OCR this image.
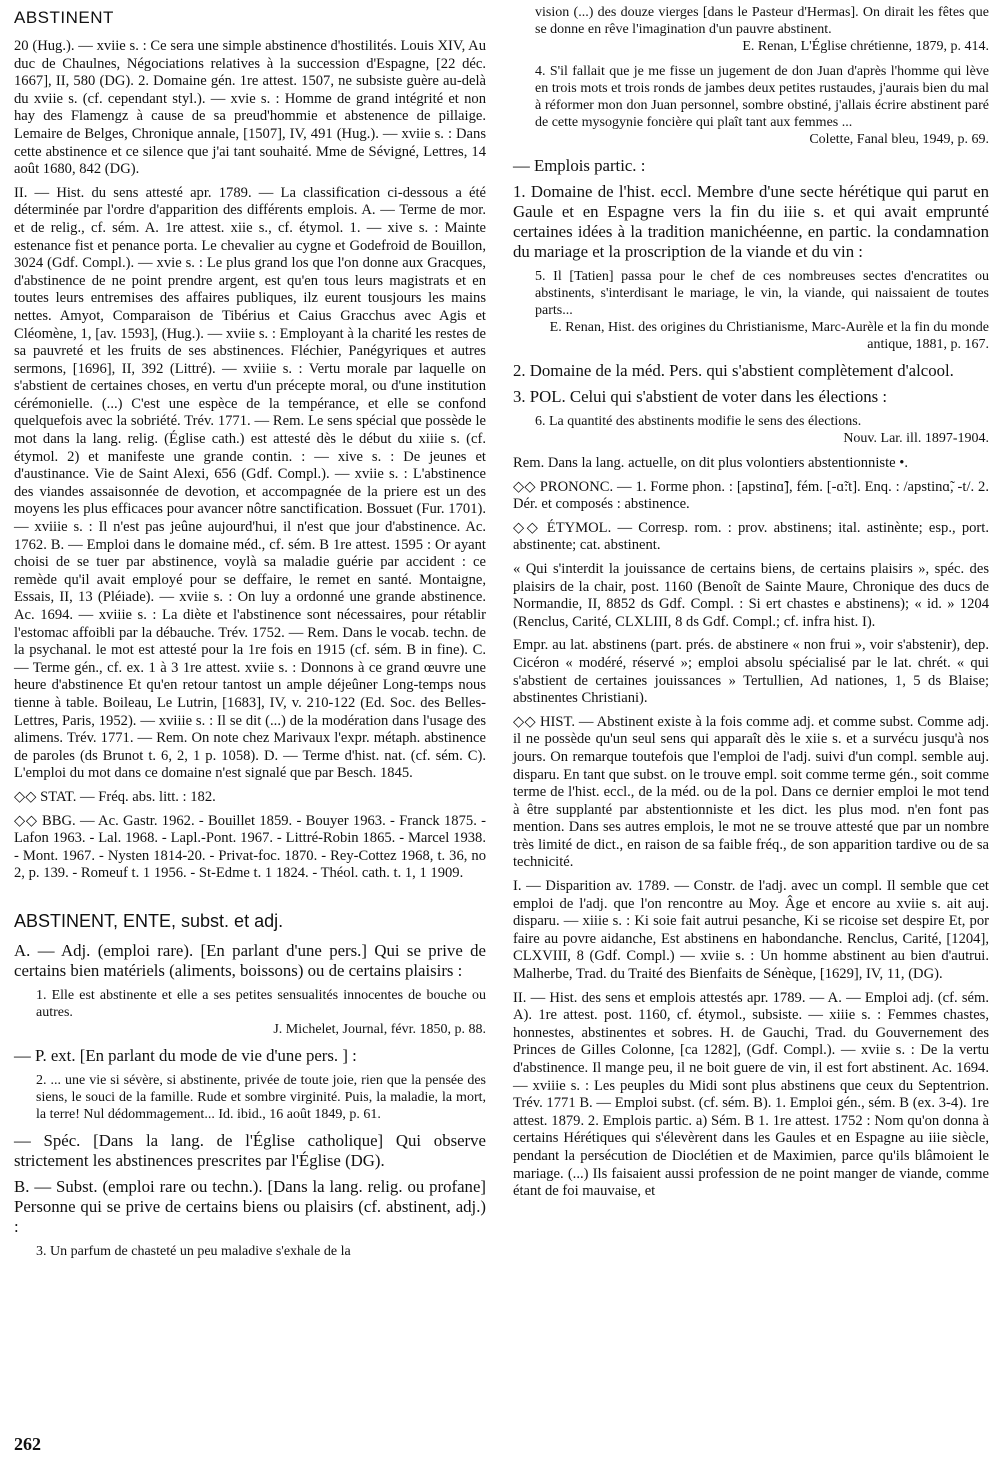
ABSTINENT

20 (Hug.). — xviie s. : Ce sera une simple abstinence d'hostilités. Louis XIV, Au duc de Chaulnes, Négociations relatives à la succession d'Espagne, [22 déc. 1667], II, 580 (DG). 2. Domaine gén. 1re attest. 1507, ne subsiste guère au-delà du xviie s. (cf. cependant styl.). — xvie s. : Homme de grand intégrité et non hay des Flamengz à cause de sa preud'hommie et abstenence de pillaige. Lemaire de Belges, Chronique annale, [1507], IV, 491 (Hug.). — xviie s. : Dans cette abstinence et ce silence que j'ai tant souhaité. Mme de Sévigné, Lettres, 14 août 1680, 842 (DG).

II. — Hist. du sens attesté apr. 1789. — La classification ci-dessous a été déterminée par l'ordre d'apparition des différents emplois. A. — Terme de mor. et de relig., cf. sém. A. 1re attest. xiie s., cf. étymol. 1. — xive s. : Mainte estenance fist et penance porta. Le chevalier au cygne et Godefroid de Bouillon, 3024 (Gdf. Compl.). — xvie s. : Le plus grand los que l'on donne aux Gracques, d'abstinence de ne point prendre argent, est qu'en tous leurs magistrats et en toutes leurs entremises des affaires publiques, ilz eurent tousjours les mains nettes. Amyot, Comparaison de Tibérius et Caius Gracchus avec Agis et Cléomène, 1, [av. 1593], (Hug.). — xviie s. : Employant à la charité les restes de sa pauvreté et les fruits de ses abstinences. Fléchier, Panégyriques et autres sermons, [1696], II, 392 (Littré). — xviiie s. : Vertu morale par laquelle on s'abstient de certaines choses, en vertu d'un précepte moral, ou d'une institution cérémonielle. (...) C'est une espèce de la tempérance, et elle se confond quelquefois avec la sobriété. Trév. 1771. — Rem. Le sens spécial que possède le mot dans la lang. relig. (Église cath.) est attesté dès le début du xiiie s. (cf. étymol. 2) et manifeste une grande contin. : — xive s. : De jeunes et d'austinance. Vie de Saint Alexi, 656 (Gdf. Compl.). — xviie s. : L'abstinence des viandes assaisonnée de devotion, et accompagnée de la priere est un des moyens les plus efficaces pour avancer nôtre sanctification. Bossuet (Fur. 1701). — xviiie s. : Il n'est pas jeûne aujourd'hui, il n'est que jour d'abstinence. Ac. 1762. B. — Emploi dans le domaine méd., cf. sém. B 1re attest. 1595 : Or ayant choisi de se tuer par abstinence, voylà sa maladie guérie par accident : ce remède qu'il avait employé pour se deffaire, le remet en santé. Montaigne, Essais, II, 13 (Pléiade). — xviie s. : On luy a ordonné une grande abstinence. Ac. 1694. — xviiie s. : La diète et l'abstinence sont nécessaires, pour rétablir l'estomac affoibli par la débauche. Trév. 1752. — Rem. Dans le vocab. techn. de la psychanal. le mot est attesté pour la 1re fois en 1915 (cf. sém. B in fine). C. — Terme gén., cf. ex. 1 à 3 1re attest. xviie s. : Donnons à ce grand œuvre une heure d'abstinence Et qu'en retour tantost un ample déjeûner Long-temps nous tienne à table. Boileau, Le Lutrin, [1683], IV, v. 210-122 (Ed. Soc. des Belles-Lettres, Paris, 1952). — xviiie s. : Il se dit (...) de la modération dans l'usage des alimens. Trév. 1771. — Rem. On note chez Marivaux l'expr. métaph. abstinence de paroles (ds Brunot t. 6, 2, 1 p. 1058). D. — Terme d'hist. nat. (cf. sém. C). L'emploi du mot dans ce domaine n'est signalé que par Besch. 1845.

◇◇ STAT. — Fréq. abs. litt. : 182.

◇◇ BBG. — Ac. Gastr. 1962. - Bouillet 1859. - Bouyer 1963. - Franck 1875. - Lafon 1963. - Lal. 1968. - Lapl.-Pont. 1967. - Littré-Robin 1865. - Marcel 1938. - Mont. 1967. - Nysten 1814-20. - Privat-foc. 1870. - Rey-Cottez 1968, t. 36, no 2, p. 139. - Romeuf t. 1 1956. - St-Edme t. 1 1824. - Théol. cath. t. 1, 1 1909.

ABSTINENT, ENTE, subst. et adj.

A. — Adj. (emploi rare). [En parlant d'une pers.] Qui se prive de certains bien matériels (aliments, boissons) ou de certains plaisirs :

1. Elle est abstinente et elle a ses petites sensualités innocentes de bouche ou autres.
J. Michelet, Journal, févr. 1850, p. 88.

— P. ext. [En parlant du mode de vie d'une pers. ] :

2. ... une vie si sévère, si abstinente, privée de toute joie, rien que la pensée des siens, le souci de la famille. Rude et sombre virginité. Puis, la maladie, la mort, la terre! Nul dédommagement... Id. ibid., 16 août 1849, p. 61.

— Spéc. [Dans la lang. de l'Église catholique] Qui observe strictement les abstinences prescrites par l'Église (DG).

B. — Subst. (emploi rare ou techn.). [Dans la lang. relig. ou profane] Personne qui se prive de certains biens ou plaisirs (cf. abstinent, adj.) :

3. Un parfum de chasteté un peu maladive s'exhale de la
vision (...) des douze vierges [dans le Pasteur d'Hermas]. On dirait les fêtes que se donne en rêve l'imagination d'un pauvre abstinent.
E. Renan, L'Église chrétienne, 1879, p. 414.
4. S'il fallait que je me fisse un jugement de don Juan d'après l'homme qui lève en trois mots et trois ronds de jambes deux petites rustaudes, j'aurais bien du mal à réformer mon don Juan personnel, sombre obstiné, j'allais écrire abstinent paré de cette mysogynie foncière qui plaît tant aux femmes ...
Colette, Fanal bleu, 1949, p. 69.

— Emplois partic. :

1. Domaine de l'hist. eccl. Membre d'une secte hérétique qui parut en Gaule et en Espagne vers la fin du iiie s. et qui avait emprunté certaines idées à la tradition manichéenne, en partic. la condamnation du mariage et la proscription de la viande et du vin :

5. Il [Tatien] passa pour le chef de ces nombreuses sectes d'encratites ou abstinents, s'interdisant le mariage, le vin, la viande, qui naissaient de toutes parts...
E. Renan, Hist. des origines du Christianisme, Marc-Aurèle et la fin du monde antique, 1881, p. 167.

2. Domaine de la méd. Pers. qui s'abstient complètement d'alcool.

3. POL. Celui qui s'abstient de voter dans les élections :

6. La quantité des abstinents modifie le sens des élections.
Nouv. Lar. ill. 1897-1904.

Rem. Dans la lang. actuelle, on dit plus volontiers abstentionniste •.

◇◇ PRONONC. — 1. Forme phon. : [apstinɑ̃], fém. [-ɑ̃:t]. Enq. : /apstinɑ̃, -t/. 2. Dér. et composés : abstinence.

◇◇ ÉTYMOL. — Corresp. rom. : prov. abstinens; ital. astinènte; esp., port. abstinente; cat. abstinent.

« Qui s'interdit la jouissance de certains biens, de certains plaisirs », spéc. des plaisirs de la chair, post. 1160 (Benoît de Sainte Maure, Chronique des ducs de Normandie, II, 8852 ds Gdf. Compl. : Si ert chastes e abstinens); « id. » 1204 (Renclus, Carité, CLXLIII, 8 ds Gdf. Compl.; cf. infra hist. I).

Empr. au lat. abstinens (part. prés. de abstinere « non frui », voir s'abstenir), dep. Cicéron « modéré, réservé »; emploi absolu spécialisé par le lat. chrét. « qui s'abstient de certaines jouissances » Tertullien, Ad nationes, 1, 5 ds Blaise; abstinentes Christiani).

◇◇ HIST. — Abstinent existe à la fois comme adj. et comme subst. Comme adj. il ne possède qu'un seul sens qui apparaît dès le xiie s. et a survécu jusqu'à nos jours. On remarque toutefois que l'emploi de l'adj. suivi d'un compl. semble auj. disparu. En tant que subst. on le trouve empl. soit comme terme gén., soit comme terme de l'hist. eccl., de la méd. ou de la pol. Dans ce dernier emploi le mot tend à être supplanté par abstentionniste et les dict. les plus mod. n'en font pas mention. Dans ses autres emplois, le mot ne se trouve attesté que par un nombre très limité de dict., en raison de sa faible fréq., de son apparition tardive ou de sa technicité.

I. — Disparition av. 1789. — Constr. de l'adj. avec un compl. Il semble que cet emploi de l'adj. que l'on rencontre au Moy. Âge et encore au xviie s. ait auj. disparu. — xiiie s. : Ki soie fait autrui pesanche, Ki se ricoise set despire Et, por faire au povre aidanche, Est abstinens en habondanche. Renclus, Carité, [1204], CLXVIII, 8 (Gdf. Compl.) — xviie s. : Un homme abstinent au bien d'autrui. Malherbe, Trad. du Traité des Bienfaits de Sénèque, [1629], IV, 11, (DG).

II. — Hist. des sens et emplois attestés apr. 1789. — A. — Emploi adj. (cf. sém. A). 1re attest. post. 1160, cf. étymol., subsiste. — xiiie s. : Femmes chastes, honnestes, abstinentes et sobres. H. de Gauchi, Trad. du Gouvernement des Princes de Gilles Colonne, [ca 1282], (Gdf. Compl.). — xviie s. : De la vertu d'abstinence. Il mange peu, il ne boit guere de vin, il est fort abstinent. Ac. 1694. — xviiie s. : Les peuples du Midi sont plus abstinens que ceux du Septentrion. Trév. 1771 B. — Emploi subst. (cf. sém. B). 1. Emploi gén., sém. B (ex. 3-4). 1re attest. 1879. 2. Emplois partic. a) Sém. B 1. 1re attest. 1752 : Nom qu'on donna à certains Hérétiques qui s'élevèrent dans les Gaules et en Espagne au iiie siècle, pendant la persécution de Dioclétien et de Maximien, parce qu'ils blâmoient le mariage. (...) Ils faisaient aussi profession de ne point manger de viande, comme étant de foi mauvaise, et

262
